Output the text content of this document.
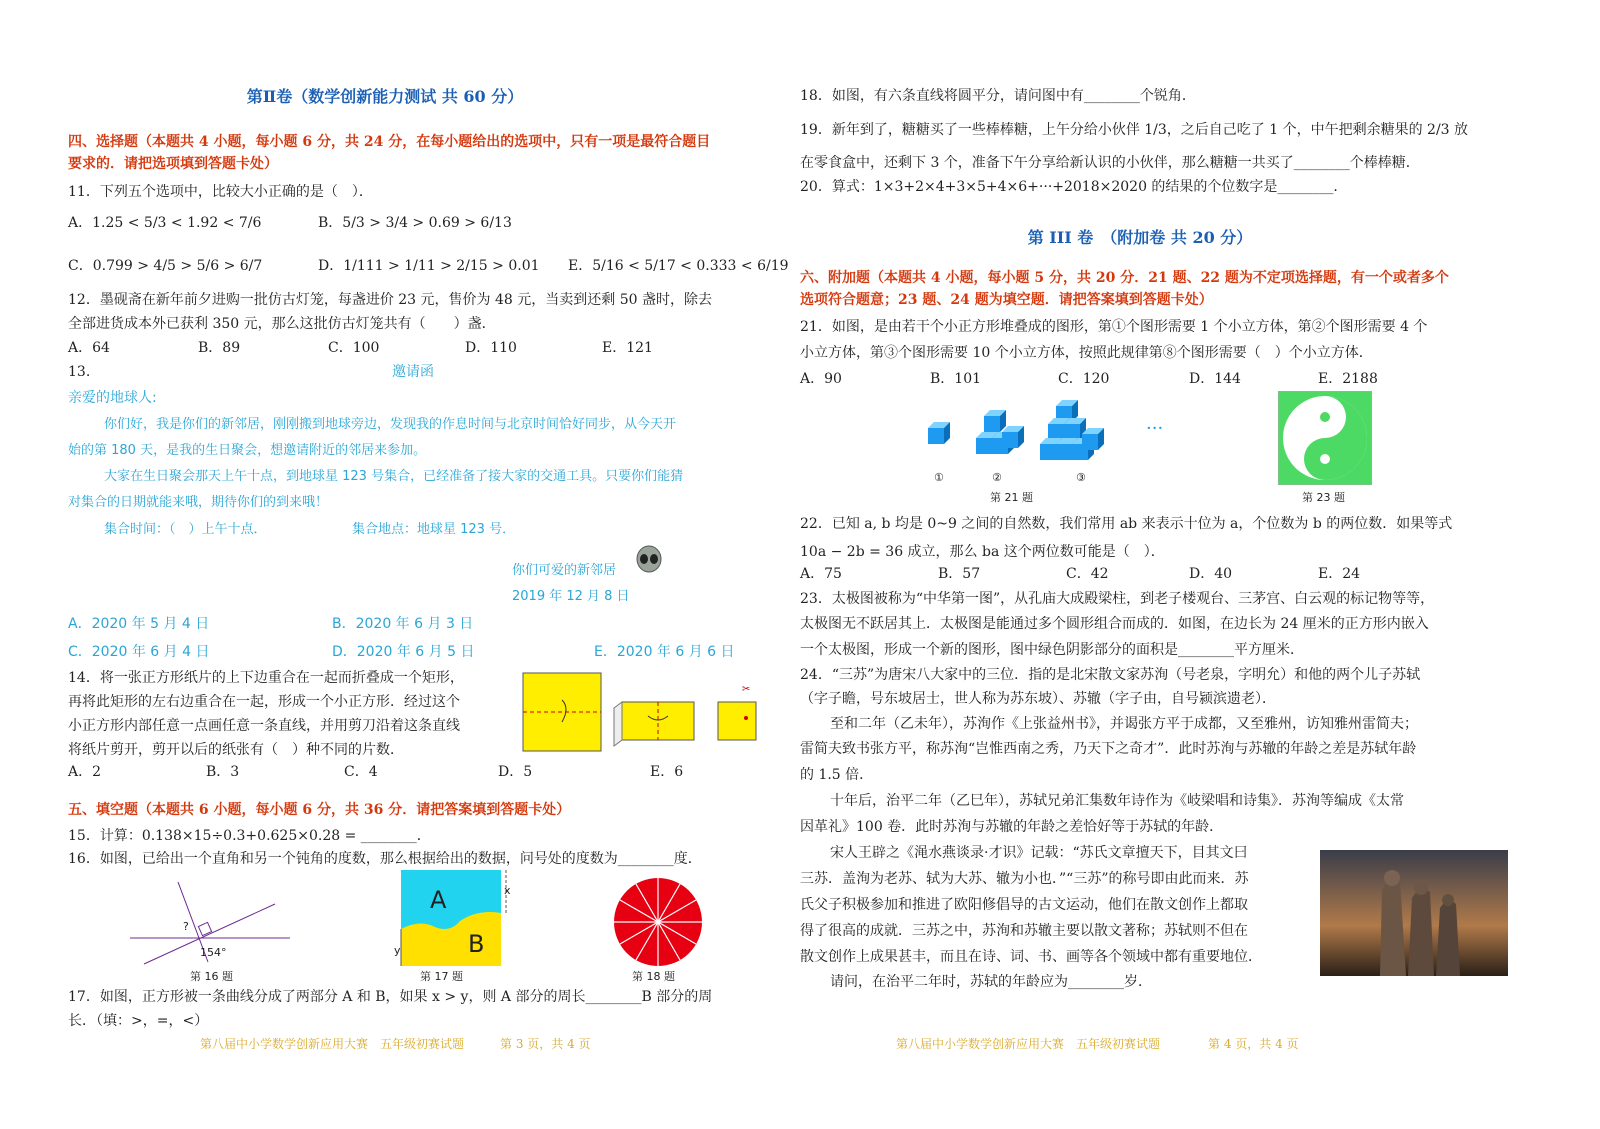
第Ⅱ卷（数学创新能力测试 共 60 分）
四、选择题（本题共 4 小题，每小题 6 分，共 24 分，在每小题给出的选项中，只有一项是最符合题目
要求的．请把选项填到答题卡处）
11．下列五个选项中，比较大小正确的是（　）．
A．1.25 < 5/3 < 1.92 < 7/6	B．5/3 > 3/4 > 0.69 > 6/13
C．0.799 > 4/5 > 5/6 > 6/7	D．1/111 > 1/11 > 2/15 > 0.01 E．5/16 < 5/17 < 0.333 < 6/19
12．墨砚斋在新年前夕进购一批仿古灯笼，每盏进价 23 元，售价为 48 元，当卖到还剩 50 盏时，除去
全部进货成本外已获利 350 元，那么这批仿古灯笼共有（　　）盏．
A．64	B．89	C．100	D．110	E．121
13.	邀请函
亲爱的地球人:
你们好，我是你们的新邻居，刚刚搬到地球旁边，发现我的作息时间与北京时间恰好同步，从今天开
始的第 180 天，是我的生日聚会，想邀请附近的邻居来参加。
大家在生日聚会那天上午十点，到地球星 123 号集合，已经准备了接大家的交通工具。只要你们能猜
对集合的日期就能来哦，期待你们的到来哦！
集合时间：（　）上午十点．	集合地点：地球星 123 号．
你们可爱的新邻居
2019 年 12 月 8 日
A．2020 年 5 月 4 日	B．2020 年 6 月 3 日
C．2020 年 6 月 4 日	D．2020 年 6 月 5 日	E．2020 年 6 月 6 日
14．将一张正方形纸片的上下边重合在一起而折叠成一个矩形，
再将此矩形的左右边重合在一起，形成一个小正方形．经过这个
小正方形内部任意一点画任意一条直线，并用剪刀沿着这条直线
将纸片剪开，剪开以后的纸张有（　）种不同的片数．
✂
A．2	B．3	C．4	D．5	E．6
五、填空题（本题共 6 小题，每小题 6 分，共 36 分．请把答案填到答题卡处）
15．计算：0.138×15÷0.3+0.625×0.28 = ________．
16．如图，已给出一个直角和另一个钝角的度数，那么根据给出的数据，问号处的度数为________度．
?
154°
第 16 题
A
B
x
y
第 17 题	第 18 题
17．如图，正方形被一条曲线分成了两部分 A 和 B，如果 x > y，则 A 部分的周长________B 部分的周
长．（填：>，=，<）
第八届中小学数学创新应用大赛　五年级初赛试题　　　第 3 页，共 4 页
18．如图，有六条直线将圆平分，请问图中有________个锐角．
19．新年到了，糖糖买了一些棒棒糖，上午分给小伙伴 1/3，之后自己吃了 1 个，中午把剩余糖果的 2/3 放
在零食盒中，还剩下 3 个，准备下午分享给新认识的小伙伴，那么糖糖一共买了________个棒棒糖．
20．算式：1×3+2×4+3×5+4×6+···+2018×2020 的结果的个位数字是________．
第 III 卷　（附加卷 共 20 分）
六、附加题（本题共 4 小题，每小题 5 分，共 20 分．21 题、22 题为不定项选择题，有一个或者多个
选项符合题意；23 题、24 题为填空题．请把答案填到答题卡处）
21．如图，是由若干个小正方形堆叠成的图形，第①个图形需要 1 个小立方体，第②个图形需要 4 个
小立方体，第③个图形需要 10 个小立方体，按照此规律第⑧个图形需要（　）个小立方体．
A．90	B．101	C．120	D．144	E．2188
①	②	③
···
第 21 题	第 23 题
22．已知 a, b 均是 0~9 之间的自然数，我们常用 ab 来表示十位为 a，个位数为 b 的两位数．如果等式
10a − 2b = 36 成立，那么 ba 这个两位数可能是（　）．
A．75	B．57	C．42	D．40	E．24
23．太极图被称为“中华第一图”，从孔庙大成殿梁柱，到老子楼观台、三茅宫、白云观的标记物等等，
太极图无不跃居其上．太极图是能通过多个圆形组合而成的．如图，在边长为 24 厘米的正方形内嵌入
一个太极图，形成一个新的图形，图中绿色阴影部分的面积是________平方厘米．
24．“三苏”为唐宋八大家中的三位．指的是北宋散文家苏洵（号老泉，字明允）和他的两个儿子苏轼
（字子瞻，号东坡居士，世人称为苏东坡）、苏辙（字子由，自号颍滨遗老）．
至和二年（乙未年），苏洵作《上张益州书》，并谒张方平于成都，又至雅州，访知雅州雷简夫；
雷简夫致书张方平，称苏洵“岂惟西南之秀，乃天下之奇才”．此时苏洵与苏辙的年龄之差是苏轼年龄
的 1.5 倍．
十年后，治平二年（乙巳年），苏轼兄弟汇集数年诗作为《岐梁唱和诗集》．苏洵等编成《太常
因革礼》100 卷．此时苏洵与苏辙的年龄之差恰好等于苏轼的年龄．
宋人王辟之《渑水燕谈录·才识》记载：“苏氏文章擅天下，目其文曰
三苏．盖洵为老苏、轼为大苏、辙为小也．”“三苏”的称号即由此而来．苏
氏父子积极参加和推进了欧阳修倡导的古文运动，他们在散文创作上都取
得了很高的成就．三苏之中，苏洵和苏辙主要以散文著称；苏轼则不但在
散文创作上成果甚丰，而且在诗、词、书、画等各个领域中都有重要地位．
请问，在治平二年时，苏轼的年龄应为________岁．
第八届中小学数学创新应用大赛　五年级初赛试题　　　　第 4 页，共 4 页
